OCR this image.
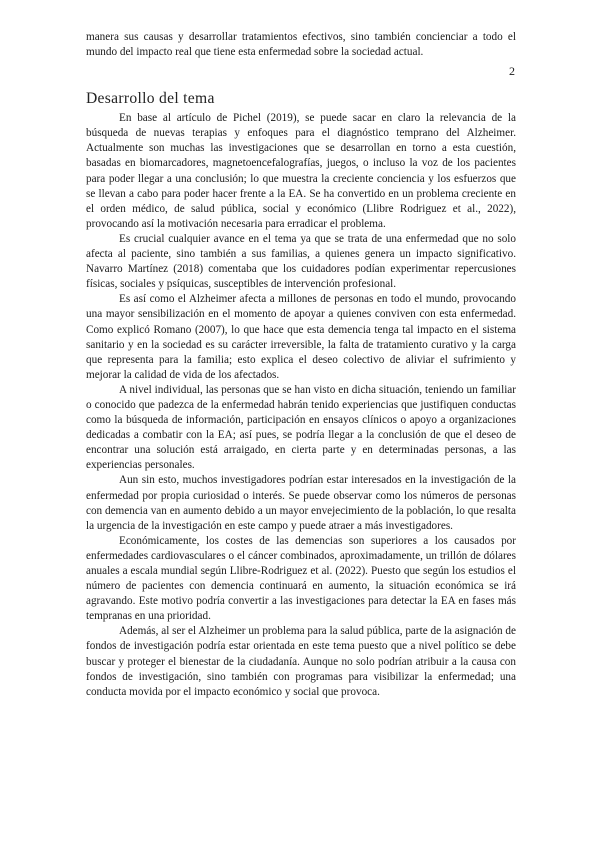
manera sus causas y desarrollar tratamientos efectivos, sino también concienciar a todo el mundo del impacto real que tiene esta enfermedad sobre la sociedad actual.

2
Desarrollo del tema

En base al artículo de Pichel (2019), se puede sacar en claro la relevancia de la búsqueda de nuevas terapias y enfoques para el diagnóstico temprano del Alzheimer. Actualmente son muchas las investigaciones que se desarrollan en torno a esta cuestión, basadas en biomarcadores, magnetoencefalografías, juegos, o incluso la voz de los pacientes para poder llegar a una conclusión; lo que muestra la creciente conciencia y los esfuerzos que se llevan a cabo para poder hacer frente a la EA. Se ha convertido en un problema creciente en el orden médico, de salud pública, social y económico (Llibre Rodriguez et al., 2022), provocando así la motivación necesaria para erradicar el problema.

Es crucial cualquier avance en el tema ya que se trata de una enfermedad que no solo afecta al paciente, sino también a sus familias, a quienes genera un impacto significativo. Navarro Martínez (2018) comentaba que los cuidadores podían experimentar repercusiones físicas, sociales y psíquicas, susceptibles de intervención profesional.

Es así como el Alzheimer afecta a millones de personas en todo el mundo, provocando una mayor sensibilización en el momento de apoyar a quienes conviven con esta enfermedad. Como explicó Romano (2007), lo que hace que esta demencia tenga tal impacto en el sistema sanitario y en la sociedad es su carácter irreversible, la falta de tratamiento curativo y la carga que representa para la familia; esto explica el deseo colectivo de aliviar el sufrimiento y mejorar la calidad de vida de los afectados.

A nivel individual, las personas que se han visto en dicha situación, teniendo un familiar o conocido que padezca de la enfermedad habrán tenido experiencias que justifiquen conductas como la búsqueda de información, participación en ensayos clínicos o apoyo a organizaciones dedicadas a combatir con la EA; así pues, se podría llegar a la conclusión de que el deseo de encontrar una solución está arraigado, en cierta parte y en determinadas personas, a las experiencias personales.

Aun sin esto, muchos investigadores podrían estar interesados en la investigación de la enfermedad por propia curiosidad o interés. Se puede observar como los números de personas con demencia van en aumento debido a un mayor envejecimiento de la población, lo que resalta la urgencia de la investigación en este campo y puede atraer a más investigadores.

Económicamente, los costes de las demencias son superiores a los causados por enfermedades cardiovasculares o el cáncer combinados, aproximadamente, un trillón de dólares anuales a escala mundial según Llibre-Rodriguez et al. (2022). Puesto que según los estudios el número de pacientes con demencia continuará en aumento, la situación económica se irá agravando. Este motivo podría convertir a las investigaciones para detectar la EA en fases más tempranas en una prioridad.

Además, al ser el Alzheimer un problema para la salud pública, parte de la asignación de fondos de investigación podría estar orientada en este tema puesto que a nivel político se debe buscar y proteger el bienestar de la ciudadanía. Aunque no solo podrían atribuir a la causa con fondos de investigación, sino también con programas para visibilizar la enfermedad; una conducta movida por el impacto económico y social que provoca.
